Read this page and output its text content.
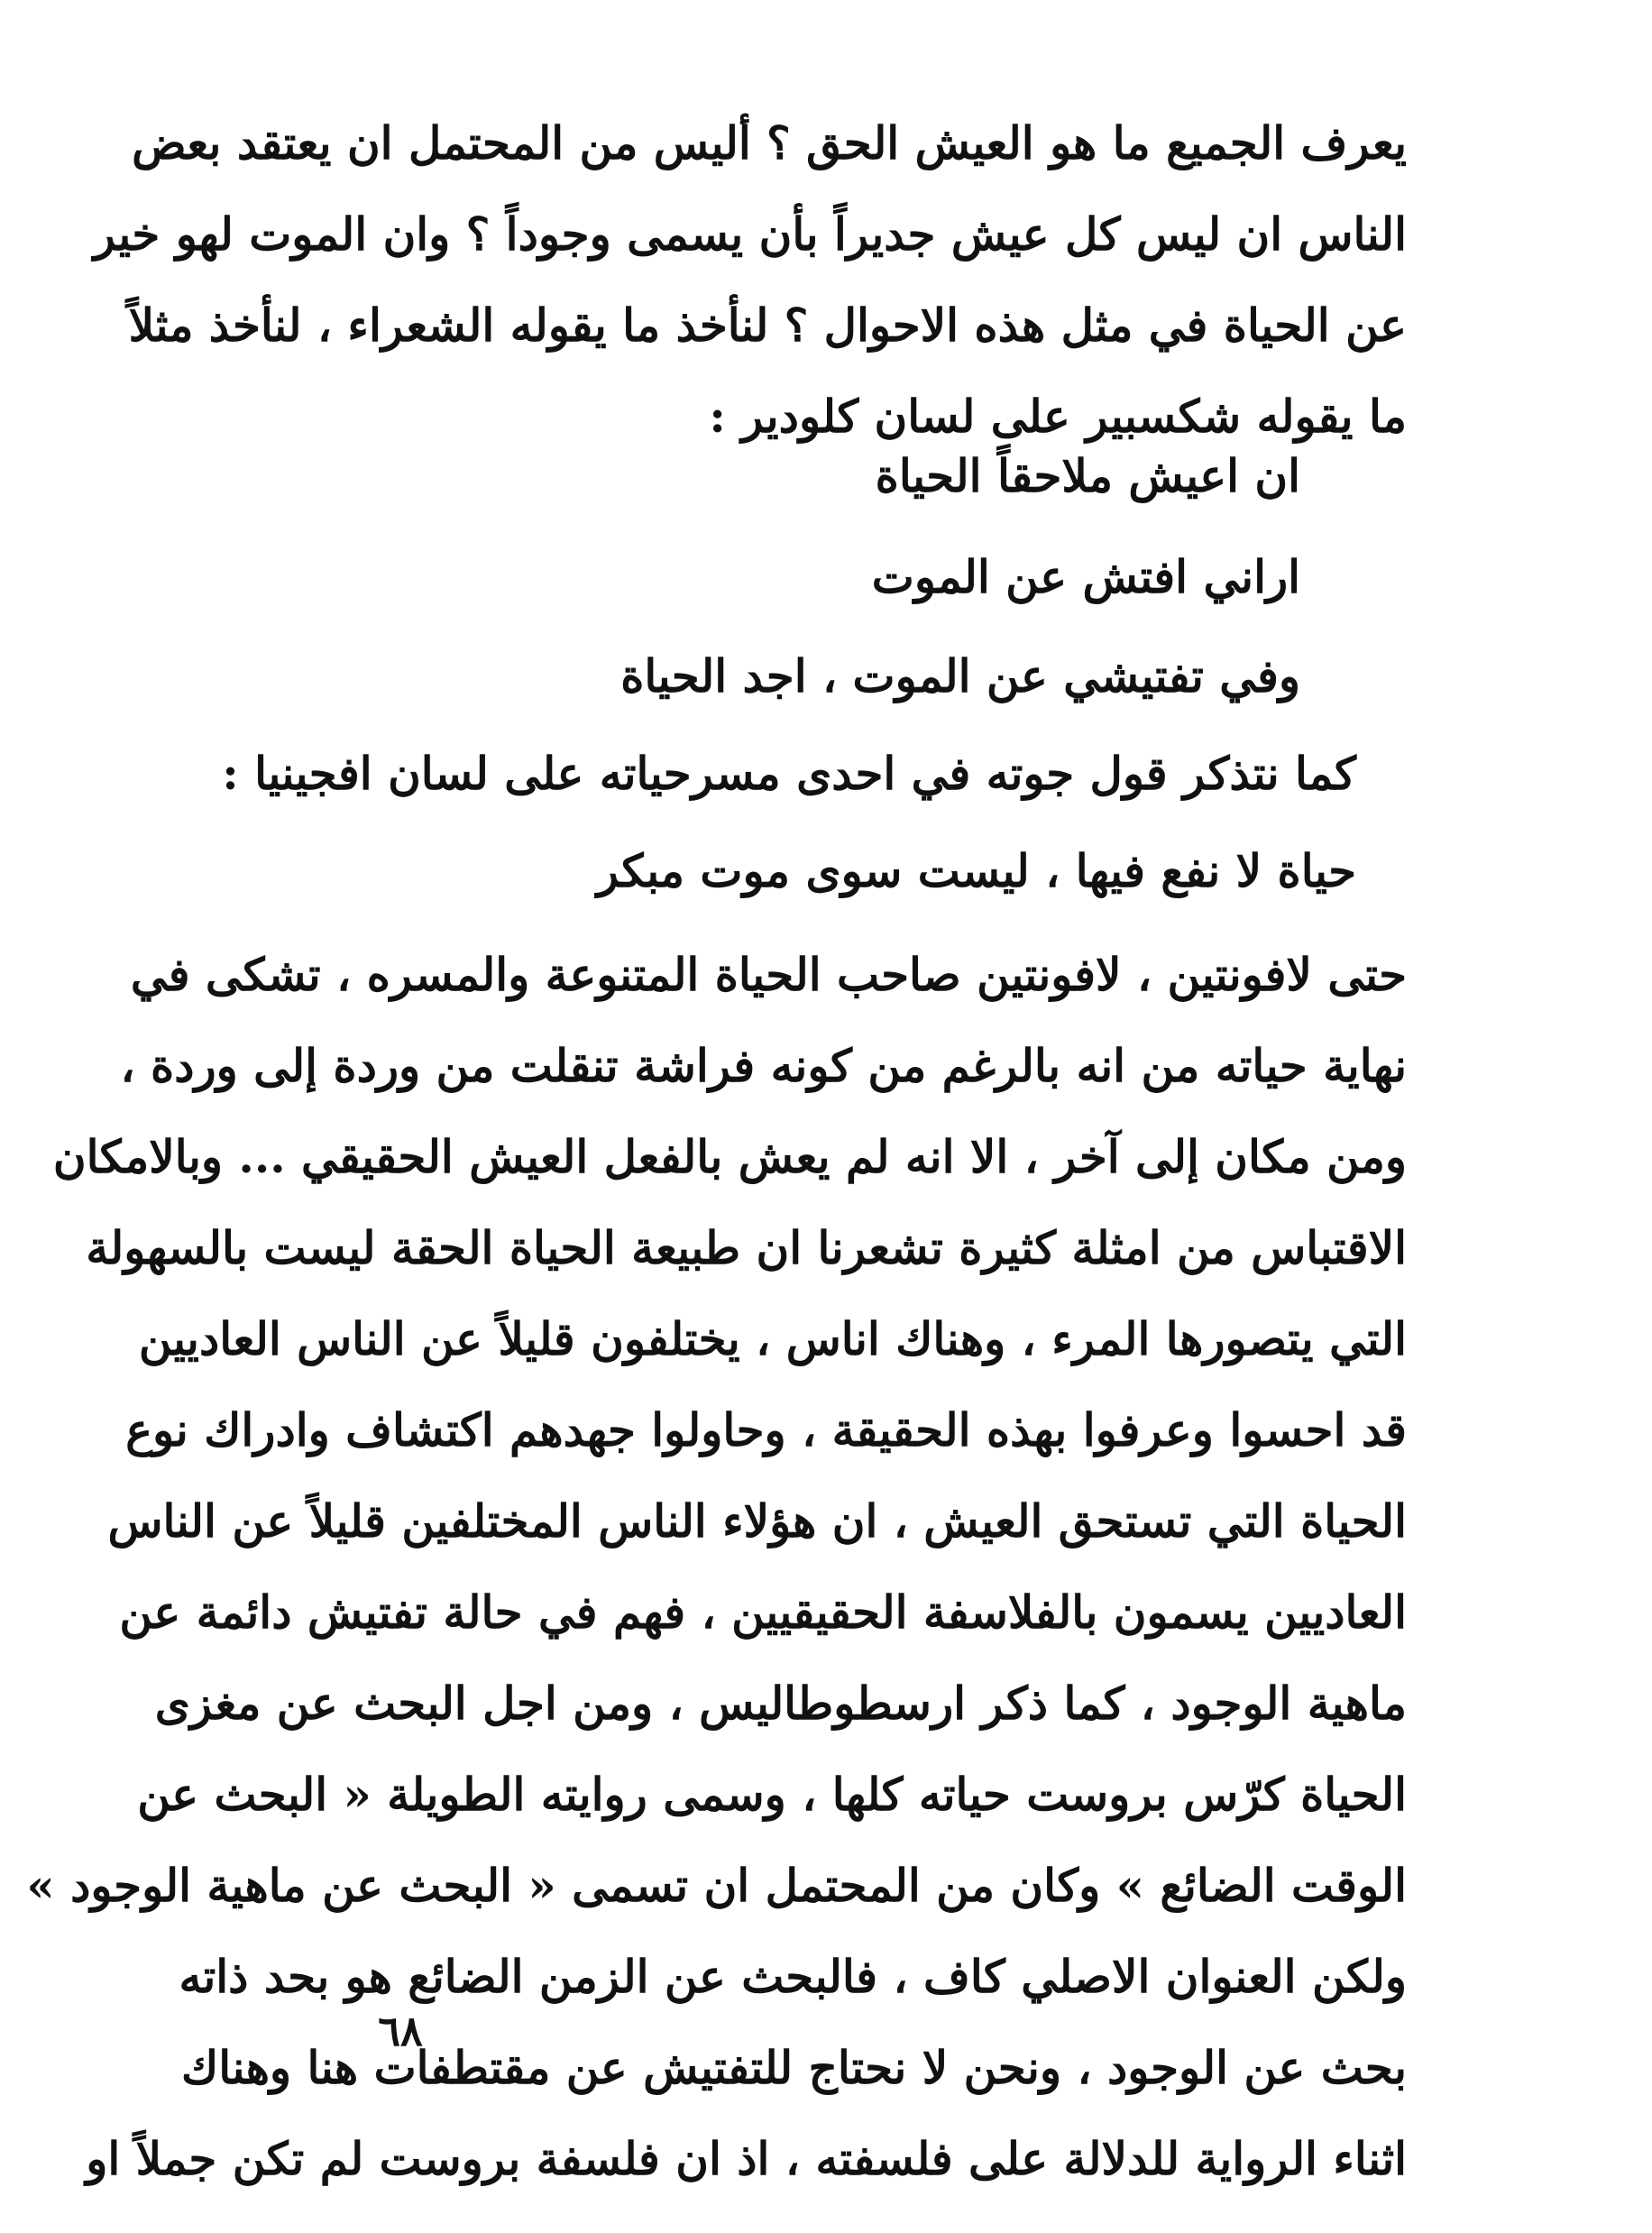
يعرف الجميع ما هو العيش الحق ؟ أليس من المحتمل ان يعتقد بعض
الناس ان ليس كل عيش جديراً بأن يسمى وجوداً ؟ وان الموت لهو خير
عن الحياة في مثل هذه الاحوال ؟ لنأخذ ما يقوله الشعراء ، لنأخذ مثلاً
ما يقوله شكسبير على لسان كلودير :
ان اعيش ملاحقاً الحياة
اراني افتش عن الموت
وفي تفتيشي عن الموت ، اجد الحياة
كما نتذكر قول جوته في احدى مسرحياته على لسان افجينيا :
حياة لا نفع فيها ، ليست سوى موت مبكر
حتى لافونتين ، لافونتين صاحب الحياة المتنوعة والمسره ، تشكى في
نهاية حياته من انه بالرغم من كونه فراشة تنقلت من وردة إلى وردة ،
ومن مكان إلى آخر ، الا انه لم يعش بالفعل العيش الحقيقي ... وبالامكان
الاقتباس من امثلة كثيرة تشعرنا ان طبيعة الحياة الحقة ليست بالسهولة
التي يتصورها المرء ، وهناك اناس ، يختلفون قليلاً عن الناس العاديين
قد احسوا وعرفوا بهذه الحقيقة ، وحاولوا جهدهم اكتشاف وادراك نوع
الحياة التي تستحق العيش ، ان هؤلاء الناس المختلفين قليلاً عن الناس
العاديين يسمون بالفلاسفة الحقيقيين ، فهم في حالة تفتيش دائمة عن
ماهية الوجود ، كما ذكر ارسطوطاليس ، ومن اجل البحث عن مغزى
الحياة كرّس بروست حياته كلها ، وسمى روايته الطويلة « البحث عن
الوقت الضائع » وكان من المحتمل ان تسمى « البحث عن ماهية الوجود »
ولكن العنوان الاصلي كاف ، فالبحث عن الزمن الضائع هو بحد ذاته
بحث عن الوجود ، ونحن لا نحتاج للتفتيش عن مقتطفات هنا وهناك
اثناء الرواية للدلالة على فلسفته ، اذ ان فلسفة بروست لم تكن جملاً او
٦٨
